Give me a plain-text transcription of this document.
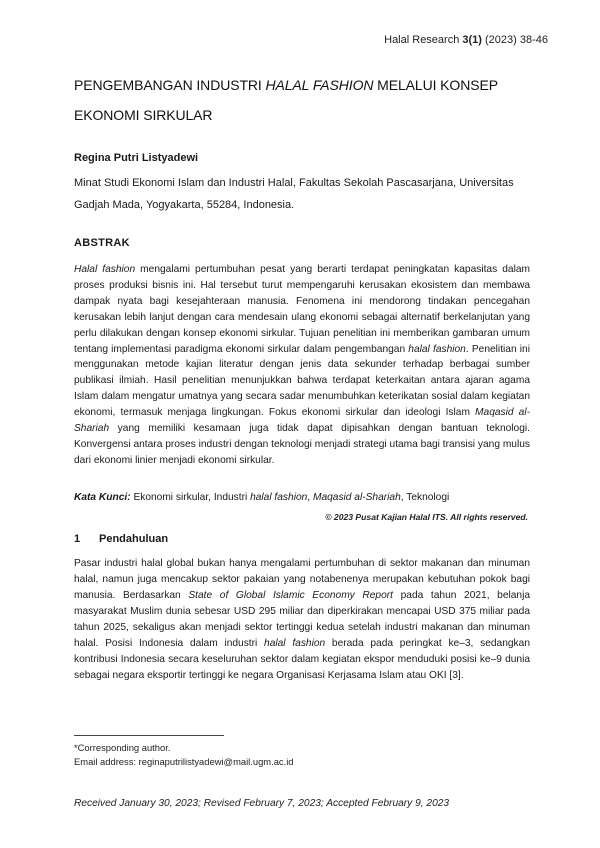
Halal Research 3(1) (2023) 38-46
PENGEMBANGAN INDUSTRI HALAL FASHION MELALUI KONSEP EKONOMI SIRKULAR
Regina Putri Listyadewi
Minat Studi Ekonomi Islam dan Industri Halal, Fakultas Sekolah Pascasarjana, Universitas Gadjah Mada, Yogyakarta, 55284, Indonesia.
ABSTRAK
Halal fashion mengalami pertumbuhan pesat yang berarti terdapat peningkatan kapasitas dalam proses produksi bisnis ini. Hal tersebut turut mempengaruhi kerusakan ekosistem dan membawa dampak nyata bagi kesejahteraan manusia. Fenomena ini mendorong tindakan pencegahan kerusakan lebih lanjut dengan cara mendesain ulang ekonomi sebagai alternatif berkelanjutan yang perlu dilakukan dengan konsep ekonomi sirkular. Tujuan penelitian ini memberikan gambaran umum tentang implementasi paradigma ekonomi sirkular dalam pengembangan halal fashion. Penelitian ini menggunakan metode kajian literatur dengan jenis data sekunder terhadap berbagai sumber publikasi ilmiah. Hasil penelitian menunjukkan bahwa terdapat keterkaitan antara ajaran agama Islam dalam mengatur umatnya yang secara sadar menumbuhkan keterikatan sosial dalam kegiatan ekonomi, termasuk menjaga lingkungan. Fokus ekonomi sirkular dan ideologi Islam Maqasid al-Shariah yang memiliki kesamaan juga tidak dapat dipisahkan dengan bantuan teknologi. Konvergensi antara proses industri dengan teknologi menjadi strategi utama bagi transisi yang mulus dari ekonomi linier menjadi ekonomi sirkular.
Kata Kunci: Ekonomi sirkular, Industri halal fashion, Maqasid al-Shariah, Teknologi
© 2023 Pusat Kajian Halal ITS. All rights reserved.
1 Pendahuluan
Pasar industri halal global bukan hanya mengalami pertumbuhan di sektor makanan dan minuman halal, namun juga mencakup sektor pakaian yang notabenenya merupakan kebutuhan pokok bagi manusia. Berdasarkan State of Global Islamic Economy Report pada tahun 2021, belanja masyarakat Muslim dunia sebesar USD 295 miliar dan diperkirakan mencapai USD 375 miliar pada tahun 2025, sekaligus akan menjadi sektor tertinggi kedua setelah industri makanan dan minuman halal. Posisi Indonesia dalam industri halal fashion berada pada peringkat ke–3, sedangkan kontribusi Indonesia secara keseluruhan sektor dalam kegiatan ekspor menduduki posisi ke–9 dunia sebagai negara eksportir tertinggi ke negara Organisasi Kerjasama Islam atau OKI [3].
*Corresponding author.
Email address: reginaputrilistyadewi@mail.ugm.ac.id
Received January 30, 2023; Revised February 7, 2023; Accepted February 9, 2023
